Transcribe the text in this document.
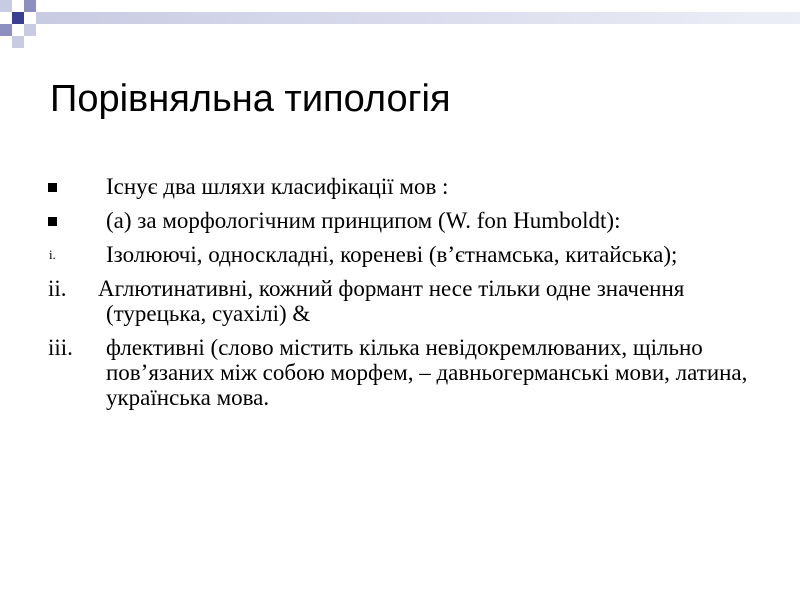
Порівняльна типологія
Існує два шляхи класифікації мов :
(a) за морфологічним принципом (W. fon Humboldt):
i. Ізолюючі, односкладні, кореневі (в’єтнамська, китайська);
ii. Аглютинативні, кожний формант несе тільки одне значення (турецька, суахілі) &
iii. флективні (слово містить кілька невідокремлюваних, щільно пов’язаних між собою морфем, – давньогерманські мови, латина, українська мова.
